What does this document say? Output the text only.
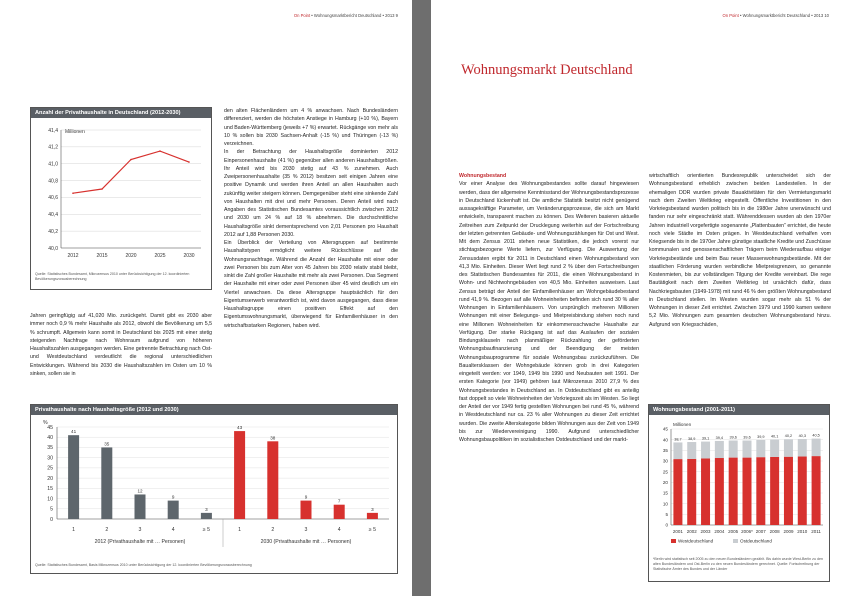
On Point • Wohnungsmarktbericht Deutschland • 2013 9
Anzahl der Privathaushalte in Deutschland (2012-2030)
Millionen
40,0
40,2
40,4
40,6
40,8
41,0
41,2
41,4
2012	2015	2020	2025	2030
Quelle: Statistisches Bundesamt, Mikrozensus 2010 unter Berücksichtigung der 12. koordinierten Bevölkerungsvorausberechnung

den alten Flächenländern um 4 % anwachsen. Nach Bundesländern differenziert, werden die höchsten Anstiege in Hamburg (+10 %), Bayern und Baden-Württemberg (jeweils +7 %) erwartet. Rückgänge von mehr als 10 % sollen bis 2030 Sachsen-Anhalt (-15 %) und Thüringen (-13 %) verzeichnen.

In der Betrachtung der Haushaltsgröße dominierten 2012 Einpersonenhaushalte (41 %) gegenüber allen anderen Haushaltsgrößen. Ihr Anteil wird bis 2030 stetig auf 43 % zunehmen. Auch Zweipersonenhaushalte (35 % 2012) besitzen seit einigen Jahren eine positive Dynamik und werden ihren Anteil an allen Haushalten auch zukünftig weiter steigern können. Demgegenüber steht eine sinkende Zahl von Haushalten mit drei und mehr Personen. Deren Anteil wird nach Angaben des Statistischen Bundesamtes voraussichtlich zwischen 2012 und 2030 um 24 % auf 18 % abnehmen. Die durchschnittliche Haushaltsgröße sinkt dementsprechend von 2,01 Personen pro Haushalt 2012 auf 1,88 Personen 2030.

Ein Überblick der Verteilung von Altersgruppen auf bestimmte Haushaltstypen ermöglicht weitere Rückschlüsse auf die Wohnungsnachfrage. Während die Anzahl der Haushalte mit einer oder zwei Personen bis zum Alter von 45 Jahren bis 2030 relativ stabil bleibt, sinkt die Zahl großer Haushalte mit mehr als zwei Personen. Das Segment der Haushalte mit einer oder zwei Personen über 45 wird deutlich um ein Viertel anwachsen. Da diese Altersgruppe hauptsächlich für den Eigentumserwerb verantwortlich ist, wird davon ausgegangen, dass diese Haushaltsgruppe einen positiven Effekt auf den Eigentumswohnungsmarkt, überwiegend für Einfamilienhäuser in den wirtschaftsstarken Regionen, haben wird.

Jahren geringfügig auf 41,020 Mio. zurückgeht. Damit gibt es 2030 aber immer noch 0,9 % mehr Haushalte als 2012, obwohl die Bevölkerung um 5,5 % schrumpft. Allgemein kann somit in Deutschland bis 2025 mit einer stetig steigenden Nachfrage nach Wohnraum aufgrund von höheren Haushaltszahlen ausgegangen werden. Eine getrennte Betrachtung nach Ost- und Westdeutschland verdeutlicht die regional unterschiedlichen Entwicklungen. Während bis 2030 die Haushaltszahlen im Osten um 10 % sinken, sollen sie in

Privathaushalte nach Haushaltsgröße (2012 und 2030)
0
5
10
15
20
25
30
35
40
45
%
41
1
35
2
12
3
9
4
3
≥ 5
2012 (Privathaushalte mit … Personen)
43
1
38
2
9
3
7
4
3
≥ 5
2030 (Privathaushalte mit … Personen)
Quelle: Statistisches Bundesamt, Basis Mikrozensus 2010 unter Berücksichtigung der 12. koordinierten Bevölkerungsvorausberechnung
On Point • Wohnungsmarktbericht Deutschland • 2013 10
Wohnungsmarkt Deutschland

Wohnungsbestand

Vor einer Analyse des Wohnungsbestandes sollte darauf hingewiesen werden, dass der allgemeine Kenntnisstand der Wohnungsbestandsprozesse in Deutschland lückenhaft ist. Die amtliche Statistik besitzt nicht genügend aussagekräftige Parameter, um Veränderungsprozesse, die sich am Markt entwickeln, transparent machen zu können. Des Weiteren basieren aktuelle Zeitreihen zum Zeitpunkt der Drucklegung weiterhin auf der Fortschreibung der letzten getrennten Gebäude- und Wohnungszählungen für Ost und West. Mit dem Zensus 2011 stehen neue Statistiken, die jedoch vorerst nur stichtagsbezogene Werte liefern, zur Verfügung. Die Auswertung der Zensusdaten ergibt für 2011 in Deutschland einen Wohnungsbestand von 41,3 Mio. Einheiten. Dieser Wert liegt rund 2 % über den Fortschreibungen des Statistischen Bundesamtes für 2011, die einen Wohnungsbestand in Wohn- und Nichtwohngebäuden von 40,5 Mio. Einheiten ausweisen. Laut Zensus beträgt der Anteil der Einfamilienhäuser am Wohngebäudebestand rund 41,9 %. Bezogen auf alle Wohneinheiten befinden sich rund 30 % aller Wohnungen in Einfamilienhäusern. Von ursprünglich mehreren Millionen Wohnungen mit einer Belegungs- und Mietpreisbindung stehen noch rund eine Millionen Wohneinheiten für einkommensschwache Haushalte zur Verfügung. Der starke Rückgang ist auf das Auslaufen der sozialen Bindungsklauseln nach planmäßiger Rückzahlung der geförderten Wohnungsbaufinanzierung und der Beendigung der meisten Wohnungsbauprogramme für soziale Wohnungsbau zurückzuführen. Die Baualtersklassen der Wohngebäude können grob in drei Kategorien eingeteilt werden: vor 1949, 1949 bis 1990 und Neubauten seit 1991. Der ersten Kategorie (vor 1949) gehören laut Mikrozensus 2010 27,9 % des Wohnungsbestandes in Deutschland an. In Ostdeutschland gibt es anteilig fast doppelt so viele Wohneinheiten der Vorkriegszeit als im Westen. So liegt der Anteil der vor 1949 fertig gestellten Wohnungen bei rund 45 %, während in Westdeutschland nur ca. 23 % aller Wohnungen zu dieser Zeit errichtet wurden. Die zweite Alterskategorie bilden Wohnungen aus der Zeit von 1949 bis zur Wiedervereinigung 1990. Aufgrund unterschiedlicher Wohnungsbaupolitiken im sozialistischen Ostdeutschland und der markt-

wirtschaftlich orientierten Bundesrepublik unterscheidet sich der Wohnungsbestand erheblich zwischen beiden Landesteilen. In der ehemaligen DDR wurden private Bauaktivitäten für den Vermietungsmarkt nach dem Zweiten Weltkrieg eingestellt. Öffentliche Investitionen in den Vorkriegsbestand wurden politisch bis in die 1980er Jahre unerwünscht und fanden nur sehr eingeschränkt statt. Währenddessen wurden ab den 1970er Jahren industriell vorgefertigte sogenannte „Plattenbauten“ errichtet, die heute noch viele Städte im Osten prägen. In Westdeutschland verhalfen vom Kriegsende bis in die 1970er Jahre günstige staatliche Kredite und Zuschüsse kommunalen und genossenschaftlichen Trägern beim Wiederaufbau einiger Vorkriegsbestände und beim Bau neuer Massenwohnungsbestände. Mit der staatlichen Förderung wurden verbindliche Mietpreisgrenzen, so genannte Kostenmieten, bis zur vollständigen Tilgung der Kredite vereinbart. Die rege Bautätigkeit nach dem Zweiten Weltkrieg ist ursächlich dafür, dass Nachkriegsbauten (1949-1978) mit rund 46 % den größten Wohnungsbestand in Deutschland stellen. Im Westen wurden sogar mehr als 51 % der Wohnungen in dieser Zeit errichtet. Zwischen 1979 und 1990 kamen weitere 5,2 Mio. Wohnungen zum gesamten deutschen Wohnungsbestand hinzu. Aufgrund von Kriegsschäden,

Wohnungsbestand (2001-2011)
0
5
10
15
20
25
30
35
40
45
Millionen
38,7
2001
38,9
2002
39,1
2003
39,4
2004
39,6
2005
39,6
2006*
39,9
2007
40,1
2008
40,2
2009
40,3
2010
40,5
2011
Westdeutschland	Ostdeutschland
*Berlin wird statistisch seit 2005 zu den neuen Bundesländern gezählt. Bis dahin wurde West-Berlin zu den alten Bundesländern und Ost-Berlin zu den neuen Bundesländern gerechnet. Quelle: Fortschreibung der Statistische Ämter des Bundes und der Länder
